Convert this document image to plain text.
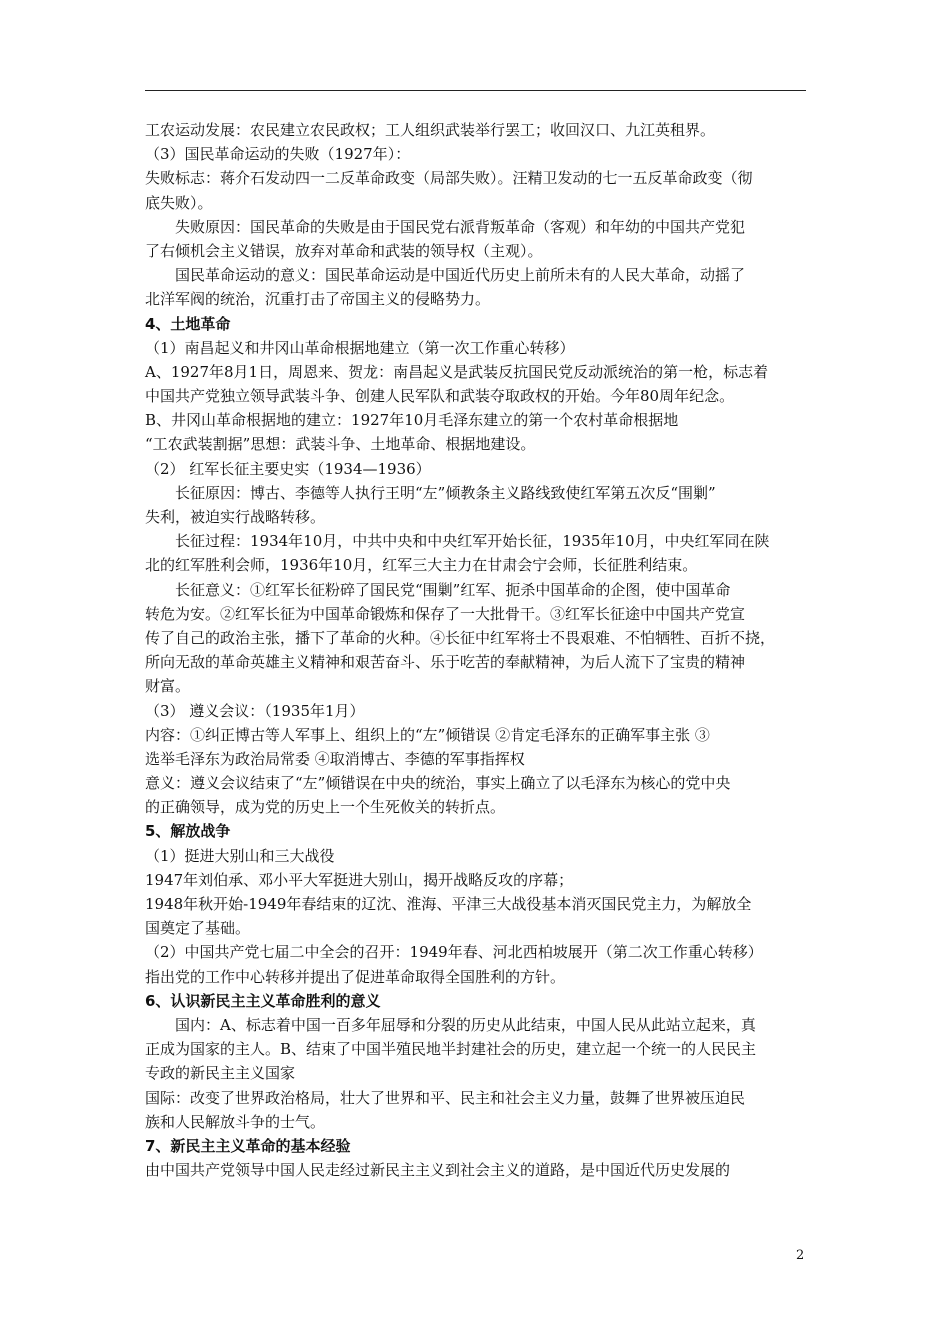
工农运动发展：农民建立农民政权；工人组织武装举行罢工；收回汉口、九江英租界。
（3）国民革命运动的失败（1927年）：
失败标志：蒋介石发动四一二反革命政变（局部失败）。汪精卫发动的七一五反革命政变（彻
底失败）。
失败原因：国民革命的失败是由于国民党右派背叛革命（客观）和年幼的中国共产党犯
了右倾机会主义错误，放弃对革命和武装的领导权（主观）。
国民革命运动的意义：国民革命运动是中国近代历史上前所未有的人民大革命，动摇了
北洋军阀的统治，沉重打击了帝国主义的侵略势力。
4、土地革命
（1）南昌起义和井冈山革命根据地建立（第一次工作重心转移）
A、1927年8月1日，周恩来、贺龙：南昌起义是武装反抗国民党反动派统治的第一枪，标志着
中国共产党独立领导武装斗争、创建人民军队和武装夺取政权的开始。今年80周年纪念。
B、井冈山革命根据地的建立：1927年10月毛泽东建立的第一个农村革命根据地
“工农武装割据”思想：武装斗争、土地革命、根据地建设。
（2） 红军长征主要史实（1934—1936）
长征原因：博古、李德等人执行王明“左”倾教条主义路线致使红军第五次反“围剿”
失利，被迫实行战略转移。
长征过程：1934年10月，中共中央和中央红军开始长征，1935年10月，中央红军同在陕
北的红军胜利会师，1936年10月，红军三大主力在甘肃会宁会师，长征胜利结束。
长征意义：①红军长征粉碎了国民党“围剿”红军、扼杀中国革命的企图，使中国革命
转危为安。②红军长征为中国革命锻炼和保存了一大批骨干。③红军长征途中中国共产党宣
传了自己的政治主张，播下了革命的火种。④长征中红军将士不畏艰难、不怕牺牲、百折不挠，
所向无敌的革命英雄主义精神和艰苦奋斗、乐于吃苦的奉献精神，为后人流下了宝贵的精神
财富。
（3） 遵义会议：（1935年1月）
内容：①纠正博古等人军事上、组织上的“左”倾错误 ②肯定毛泽东的正确军事主张 ③
选举毛泽东为政治局常委 ④取消博古、李德的军事指挥权
意义：遵义会议结束了“左”倾错误在中央的统治，事实上确立了以毛泽东为核心的党中央
的正确领导，成为党的历史上一个生死攸关的转折点。
5、解放战争
（1）挺进大别山和三大战役
1947年刘伯承、邓小平大军挺进大别山，揭开战略反攻的序幕；
1948年秋开始-1949年春结束的辽沈、淮海、平津三大战役基本消灭国民党主力，为解放全
国奠定了基础。
（2）中国共产党七届二中全会的召开：1949年春、河北西柏坡展开（第二次工作重心转移）
指出党的工作中心转移并提出了促进革命取得全国胜利的方针。
6、认识新民主主义革命胜利的意义
国内：A、标志着中国一百多年屈辱和分裂的历史从此结束，中国人民从此站立起来，真
正成为国家的主人。B、结束了中国半殖民地半封建社会的历史，建立起一个统一的人民民主
专政的新民主主义国家
国际：改变了世界政治格局，壮大了世界和平、民主和社会主义力量，鼓舞了世界被压迫民
族和人民解放斗争的士气。
7、新民主主义革命的基本经验
由中国共产党领导中国人民走经过新民主主义到社会主义的道路，是中国近代历史发展的
2
